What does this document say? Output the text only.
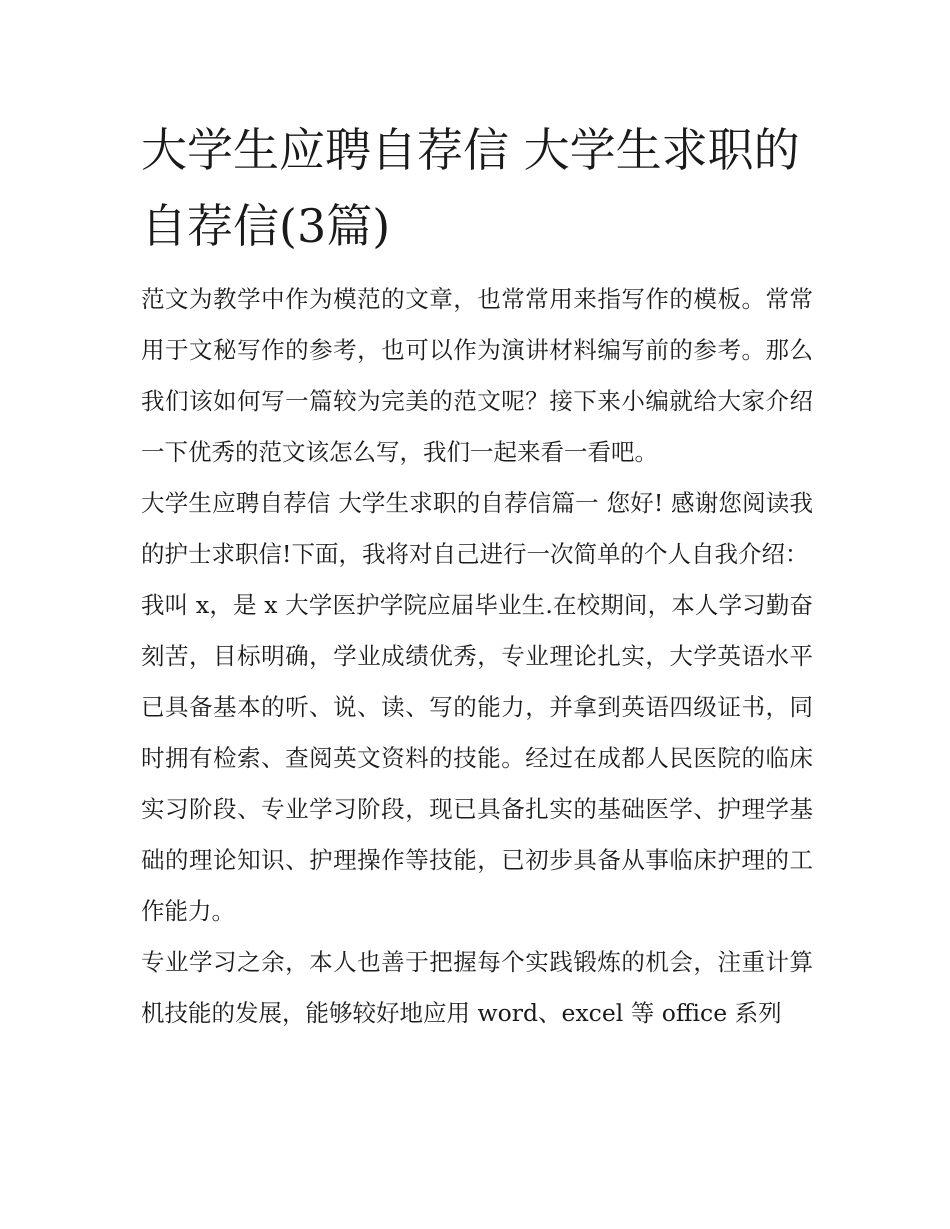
大学生应聘自荐信 大学生求职的自荐信(3篇)

范文为教学中作为模范的文章，也常常用来指写作的模板。常常用于文秘写作的参考，也可以作为演讲材料编写前的参考。那么我们该如何写一篇较为完美的范文呢？接下来小编就给大家介绍一下优秀的范文该怎么写，我们一起来看一看吧。

大学生应聘自荐信 大学生求职的自荐信篇一 您好! 感谢您阅读我的护士求职信!下面，我将对自己进行一次简单的个人自我介绍：

我叫 x，是 x 大学医护学院应届毕业生.在校期间，本人学习勤奋刻苦，目标明确，学业成绩优秀，专业理论扎实，大学英语水平已具备基本的听、说、读、写的能力，并拿到英语四级证书，同时拥有检索、查阅英文资料的技能。经过在成都人民医院的临床实习阶段、专业学习阶段，现已具备扎实的基础医学、护理学基础的理论知识、护理操作等技能，已初步具备从事临床护理的工作能力。

专业学习之余，本人也善于把握每个实践锻炼的机会，注重计算机技能的发展，能够较好地应用 word、excel 等 office 系列
